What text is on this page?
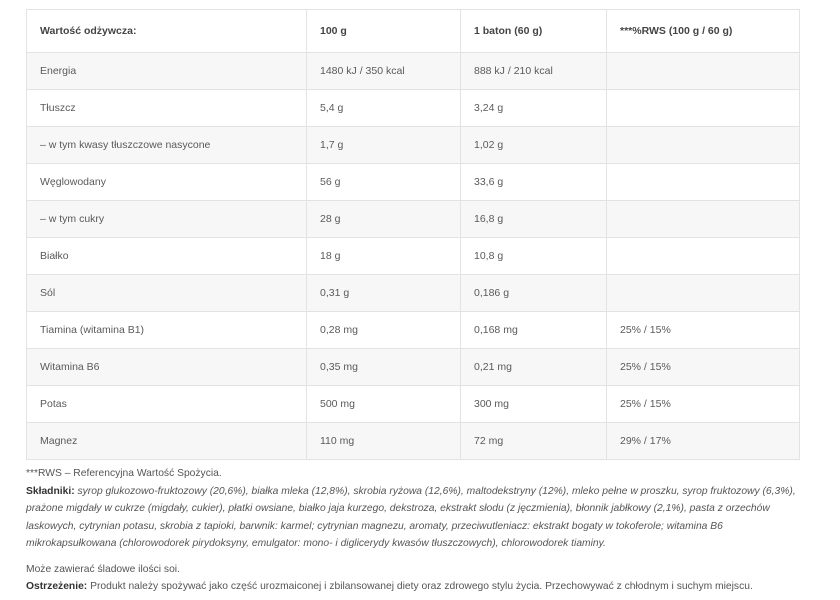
Wartość odżywcza:	100 g	1 baton (60 g)	***%RWS (100 g / 60 g)
Energia	1480 kJ / 350 kcal	888 kJ / 210 kcal	
Tłuszcz	5,4 g	3,24 g	
– w tym kwasy tłuszczowe nasycone	1,7 g	1,02 g	
Węglowodany	56 g	33,6 g	
– w tym cukry	28 g	16,8 g	
Białko	18 g	10,8 g	
Sól	0,31 g	0,186 g	
Tiamina (witamina B1)	0,28 mg	0,168 mg	25% / 15%
Witamina B6	0,35 mg	0,21 mg	25% / 15%
Potas	500 mg	300 mg	25% / 15%
Magnez	110 mg	72 mg	29% / 17%

***RWS – Referencyjna Wartość Spożycia.

Składniki: syrop glukozowo-fruktozowy (20,6%), białka mleka (12,8%), skrobia ryżowa (12,6%), maltodekstryny (12%), mleko pełne w proszku, syrop fruktozowy (6,3%), prażone migdały w cukrze (migdały, cukier), płatki owsiane, białko jaja kurzego, dekstroza, ekstrakt słodu (z jęczmienia), błonnik jabłkowy (2,1%), pasta z orzechów laskowych, cytrynian potasu, skrobia z tapioki, barwnik: karmel; cytrynian magnezu, aromaty, przeciwutleniacz: ekstrakt bogaty w tokoferole; witamina B6 mikrokapsułkowana (chlorowodorek pirydoksyny, emulgator: mono- i diglicerydy kwasów tłuszczowych), chlorowodorek tiaminy.

Może zawierać śladowe ilości soi.

Ostrzeżenie: Produkt należy spożywać jako część urozmaiconej i zbilansowanej diety oraz zdrowego stylu życia. Przechowywać z chłodnym i suchym miejscu.
